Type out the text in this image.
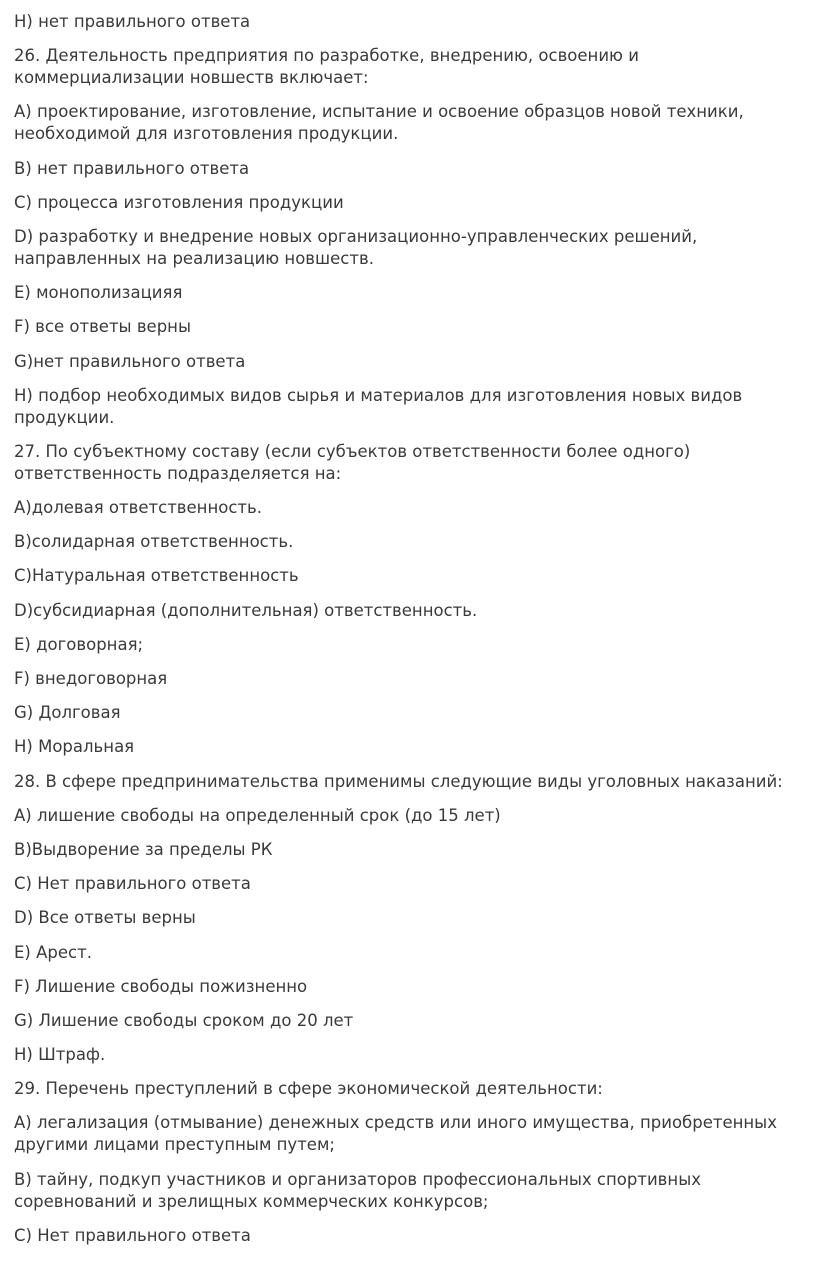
H) нет правильного ответа

26. Деятельность предприятия по разработке, внедрению, освоению и коммерциализации новшеств включает:

А) проектирование, изготовление, испытание и освоение образцов новой техники, необходимой для изготовления продукции.

В) нет правильного ответа

С) процесса изготовления продукции

D) разработку и внедрение новых организационно-управленческих решений, направленных на реализацию новшеств.

Е) монополизацияя

F) все ответы верны

G)нет правильного ответа

H) подбор необходимых видов сырья и материалов для изготовления новых видов продукции.

27. По субъектному составу (если субъектов ответственности более одного) ответственность подразделяется на:

А)долевая ответственность.

В)солидарная ответственность.

С)Натуральная ответственность

D)субсидиарная (дополнительная) ответственность.

Е) договорная;

F) внедоговорная

G) Долговая

H) Моральная

28. В сфере предпринимательства применимы следующие виды уголовных наказаний:

А) лишение свободы на определенный срок (до 15 лет)

В)Выдворение за пределы РК

С) Нет правильного ответа

D) Все ответы верны

Е) Арест.

F) Лишение свободы пожизненно

G) Лишение свободы сроком до 20 лет

H) Штраф.

29. Перечень преступлений в сфере экономической деятельности:

А) легализация (отмывание) денежных средств или иного имущества, приобретенных другими лицами преступным путем;

В) тайну, подкуп участников и организаторов профессиональных спортивных соревнований и зрелищных коммерческих конкурсов;

С) Нет правильного ответа
